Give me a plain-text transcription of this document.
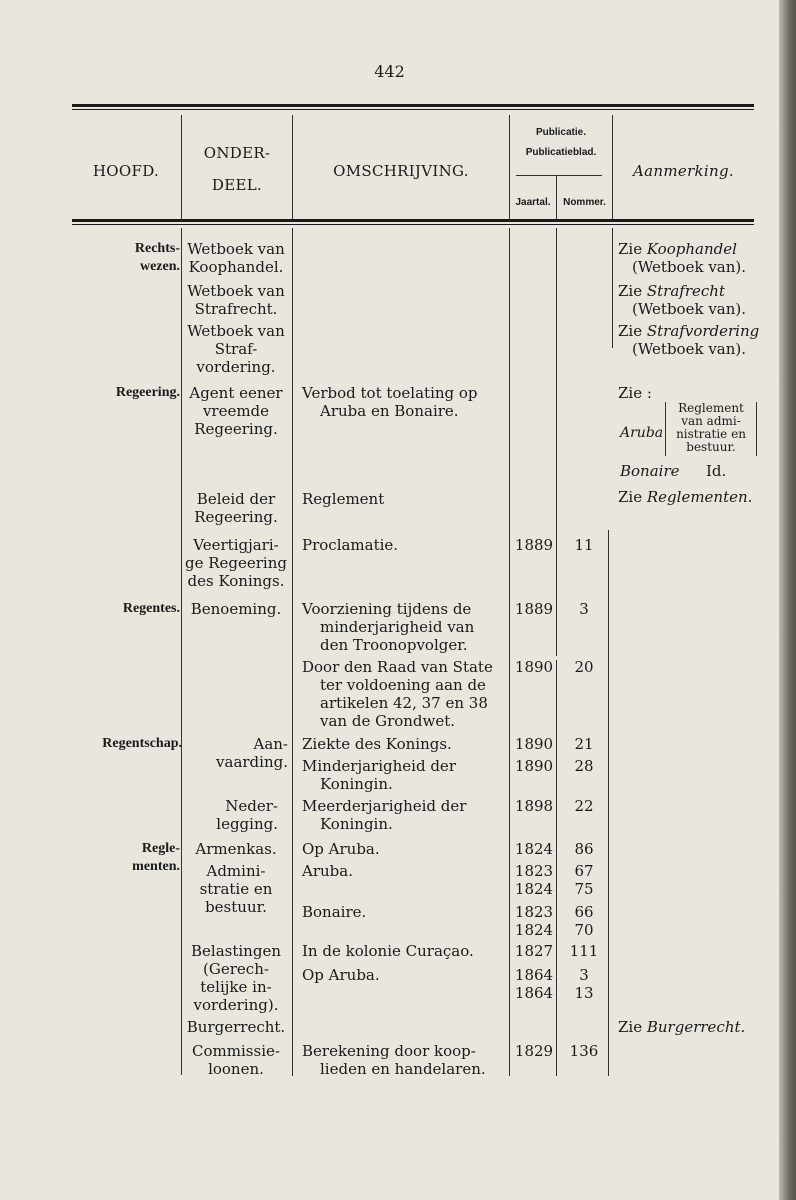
442
HOOFD.
ONDER-
DEEL.
OMSCHRIJVING.
Publicatie.
Publicatieblad.
Jaartal.	Nommer.
Aanmerking.
Rechts-
wezen.
Regeering.
Regentes.
Regentschap.
Regle-
menten.
Wetboek van
Koophandel.
Wetboek van
Strafrecht.
Wetboek van
Straf-
vordering.
Agent eener
vreemde
Regeering.
Beleid der
Regeering.
Veertigjari-
ge Regeering
des Konings.
Benoeming.
Aan-
vaarding.
Neder-
legging.
Armenkas.
Admini-
stratie en
bestuur.
Belastingen
(Gerech-
telijke in-
vordering).
Burgerrecht.
Commissie-
loonen.
Verbod tot toelating op
Aruba en Bonaire.
Reglement
Proclamatie.
Voorziening tijdens de
minderjarigheid van
den Troonopvolger.
Door den Raad van State
ter voldoening aan de
artikelen 42, 37 en 38
van de Grondwet.
Ziekte des Konings.
Minderjarigheid der
Koningin.
Meerderjarigheid der
Koningin.
Op Aruba.
Aruba.
Bonaire.
In de kolonie Curaçao.
Op Aruba.
Berekening door koop-
lieden en handelaren.
1889
1889
1890
1890
1890
1898
1824
1823
1824
1823
1824
1827
1864
1864
1829
11
3
20
21
28
22
86
67
75
66
70
111
3
13
136
Zie Koophandel
(Wetboek van).
Zie Strafrecht
(Wetboek van).
Zie Strafvordering
(Wetboek van).
Zie :
Aruba
Reglement
van admi-
nistratie en
bestuur.
Bonaire Id.
Zie Reglementen.
Zie Burgerrecht.
